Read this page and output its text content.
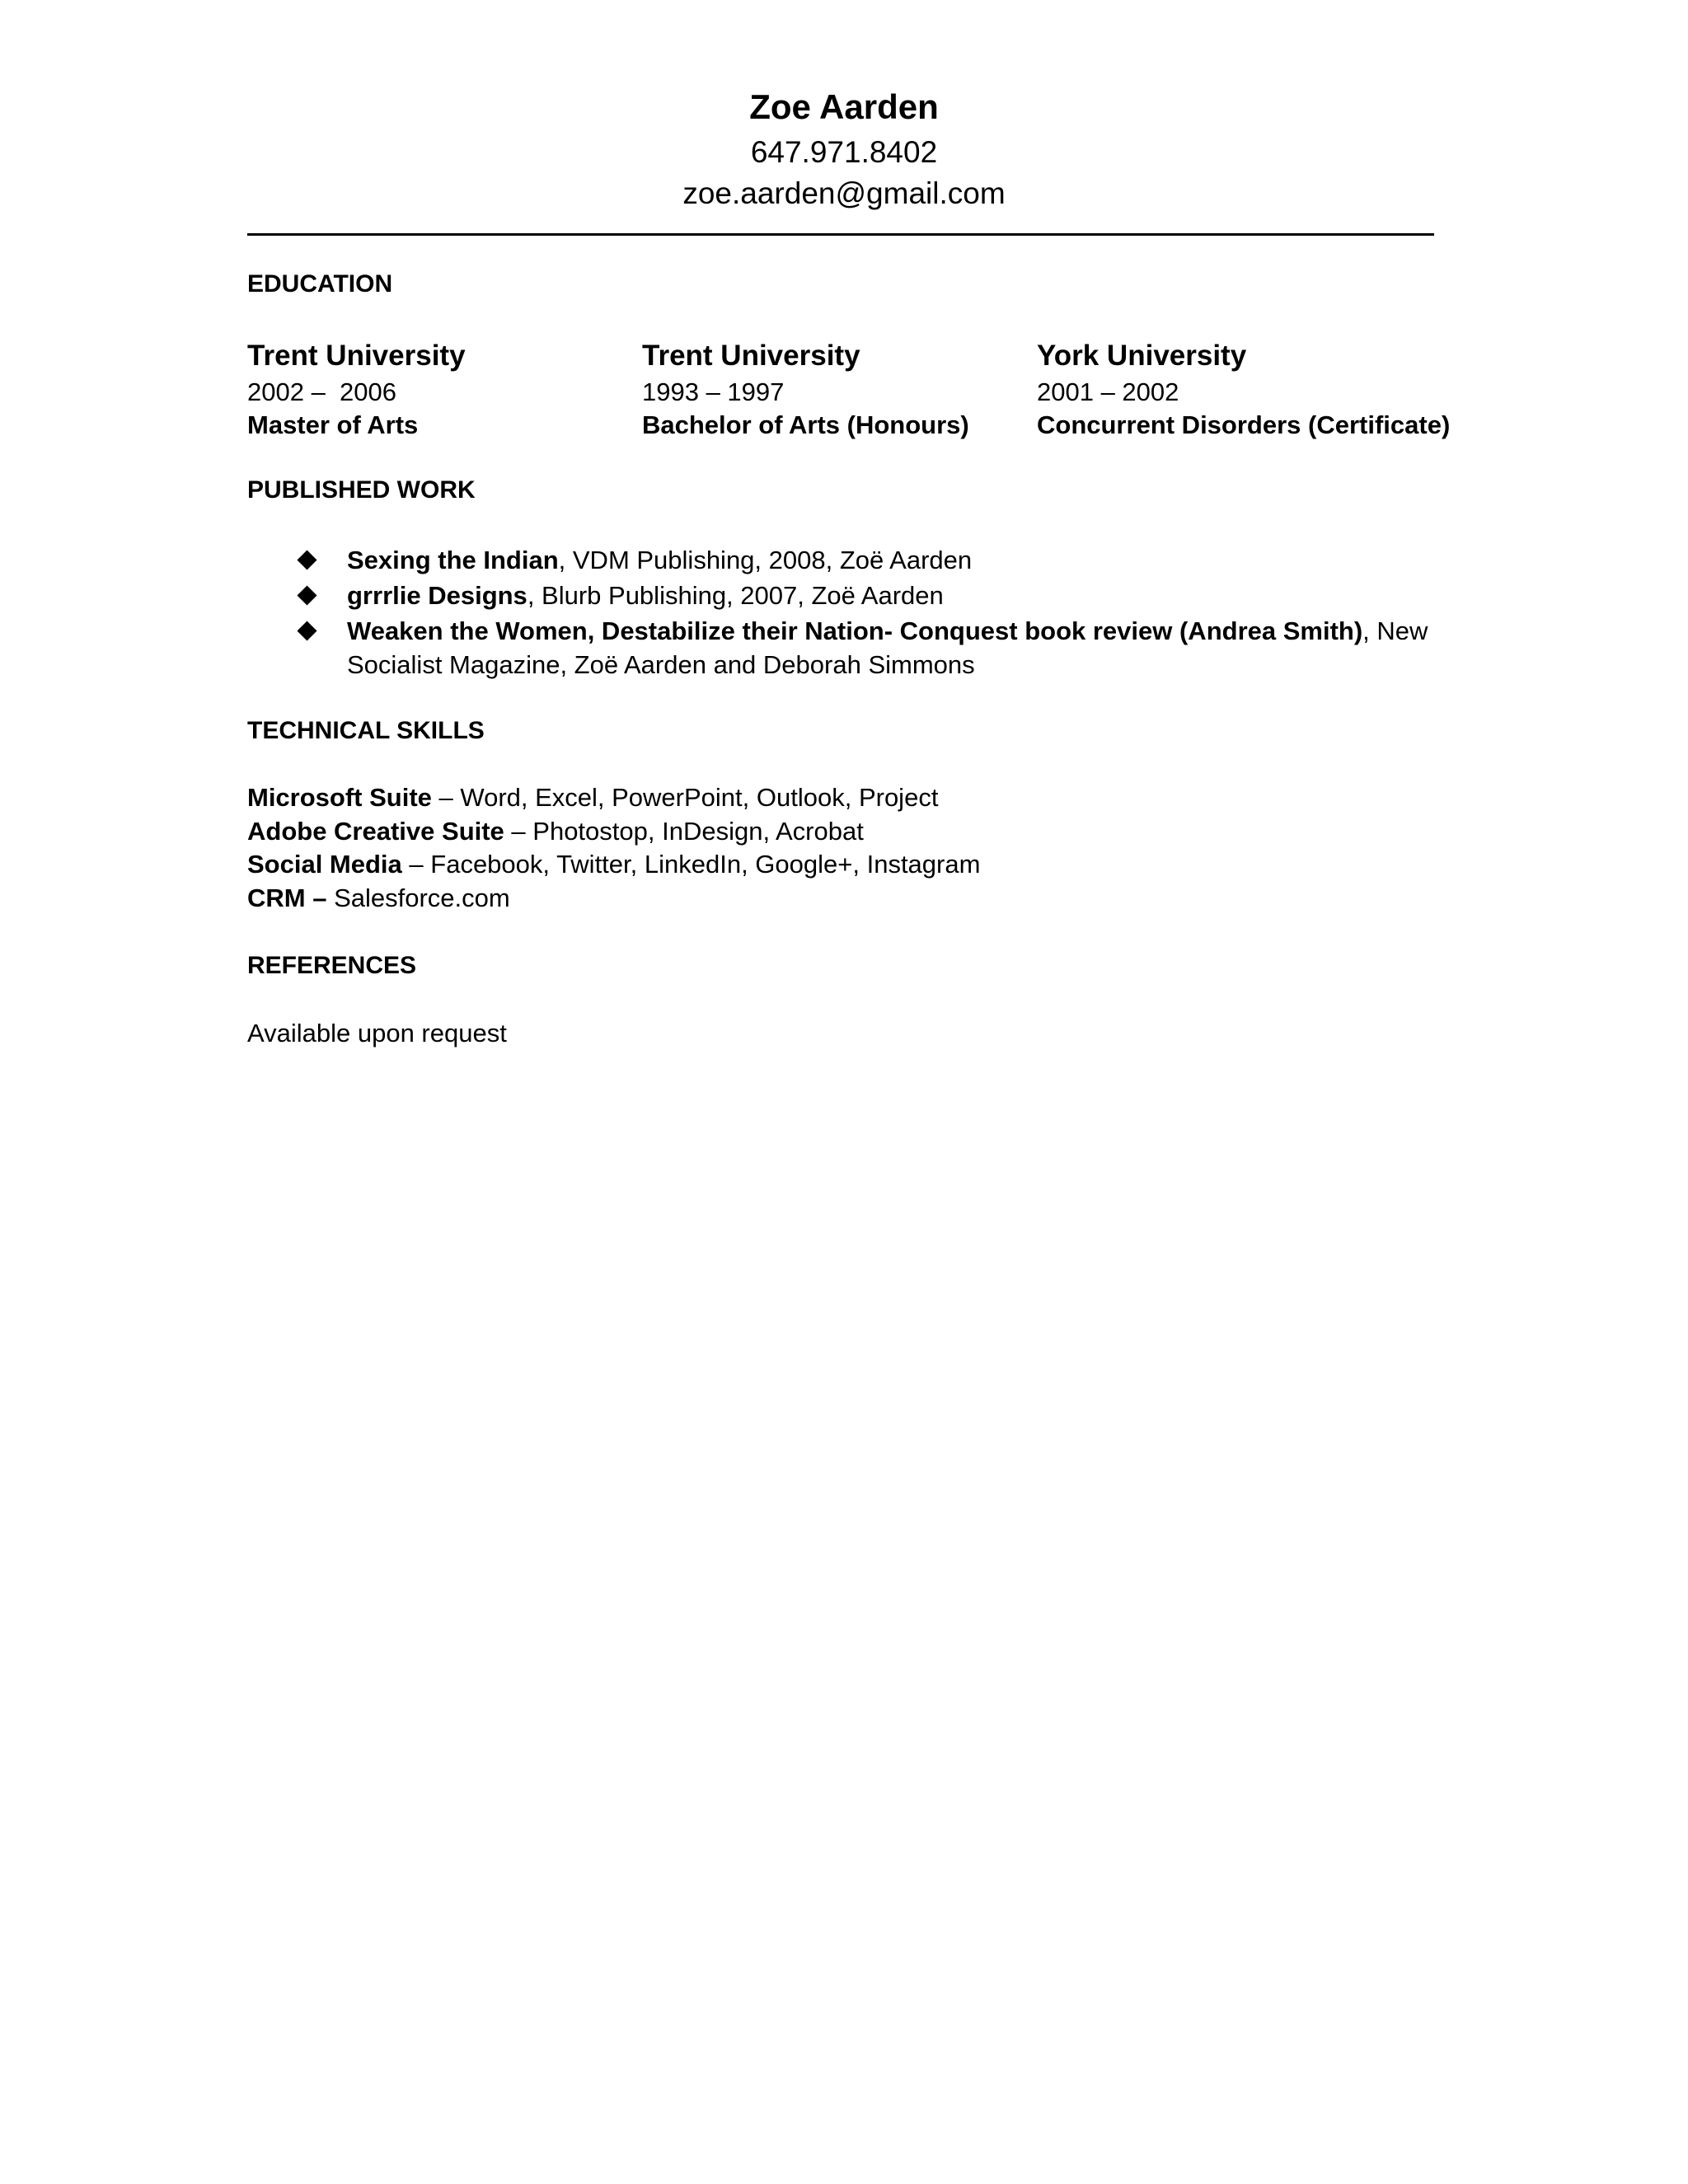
Zoe Aarden
647.971.8402
zoe.aarden@gmail.com
EDUCATION
Trent University
2002 –  2006
Master of Arts
Trent University
1993 – 1997
Bachelor of Arts (Honours)
York University
2001 – 2002
Concurrent Disorders (Certificate)
PUBLISHED WORK
Sexing the Indian, VDM Publishing, 2008, Zoë Aarden
grrrlie Designs, Blurb Publishing, 2007, Zoë Aarden
Weaken the Women, Destabilize their Nation- Conquest book review (Andrea Smith), New Socialist Magazine, Zoë Aarden and Deborah Simmons
TECHNICAL SKILLS
Microsoft Suite – Word, Excel, PowerPoint, Outlook, Project
Adobe Creative Suite – Photostop, InDesign, Acrobat
Social Media – Facebook, Twitter, LinkedIn, Google+, Instagram
CRM – Salesforce.com
REFERENCES
Available upon request
